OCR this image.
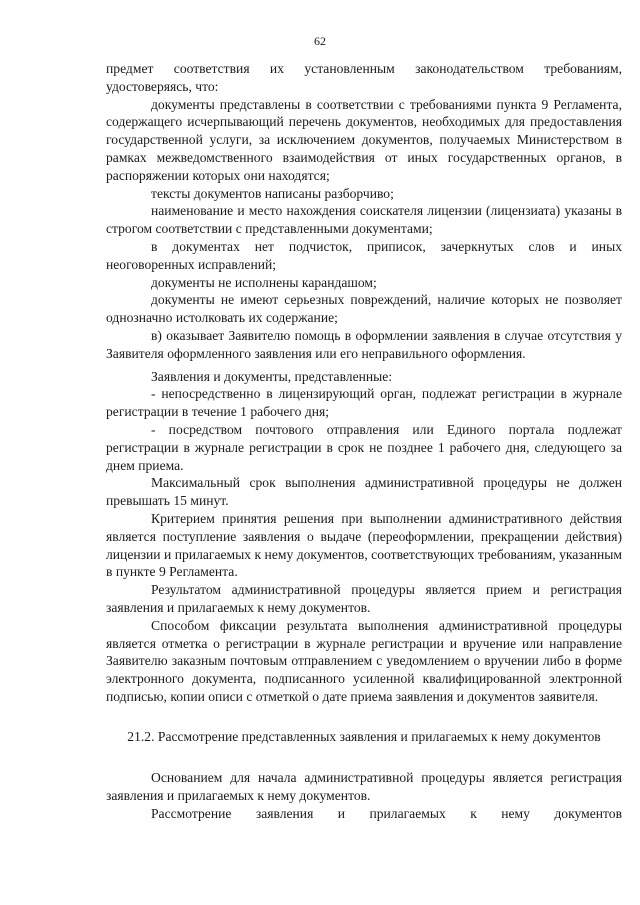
62

предмет соответствия их установленным законодательством требованиям, удостоверяясь, что:

документы представлены в соответствии с требованиями пункта 9 Регламента, содержащего исчерпывающий перечень документов, необходимых для предоставления государственной услуги, за исключением документов, получаемых Министерством в рамках межведомственного взаимодействия от иных государственных органов, в распоряжении которых они находятся;

тексты документов написаны разборчиво;

наименование и место нахождения соискателя лицензии (лицензиата) указаны в строгом соответствии с представленными документами;

в документах нет подчисток, приписок, зачеркнутых слов и иных неоговоренных исправлений;

документы не исполнены карандашом;

документы не имеют серьезных повреждений, наличие которых не позволяет однозначно истолковать их содержание;

в) оказывает Заявителю помощь в оформлении заявления в случае отсутствия у Заявителя оформленного заявления или его неправильного оформления.

Заявления и документы, представленные:

- непосредственно в лицензирующий орган, подлежат регистрации в журнале регистрации в течение 1 рабочего дня;

- посредством почтового отправления или Единого портала подлежат регистрации в журнале регистрации в срок не позднее 1 рабочего дня, следующего за днем приема.

Максимальный срок выполнения административной процедуры не должен превышать 15 минут.

Критерием принятия решения при выполнении административного действия является поступление заявления о выдаче (переоформлении, прекращении действия) лицензии и прилагаемых к нему документов, соответствующих требованиям, указанным в пункте 9 Регламента.

Результатом административной процедуры является прием и регистрация заявления и прилагаемых к нему документов.

Способом фиксации результата выполнения административной процедуры является отметка о регистрации в журнале регистрации и вручение или направление Заявителю заказным почтовым отправлением с уведомлением о вручении либо в форме электронного документа, подписанного усиленной квалифицированной электронной подписью, копии описи с отметкой о дате приема заявления и документов заявителя.

21.2. Рассмотрение представленных заявления и прилагаемых к нему документов

Основанием для начала административной процедуры является регистрация заявления и прилагаемых к нему документов.

Рассмотрение заявления и прилагаемых к нему документов
